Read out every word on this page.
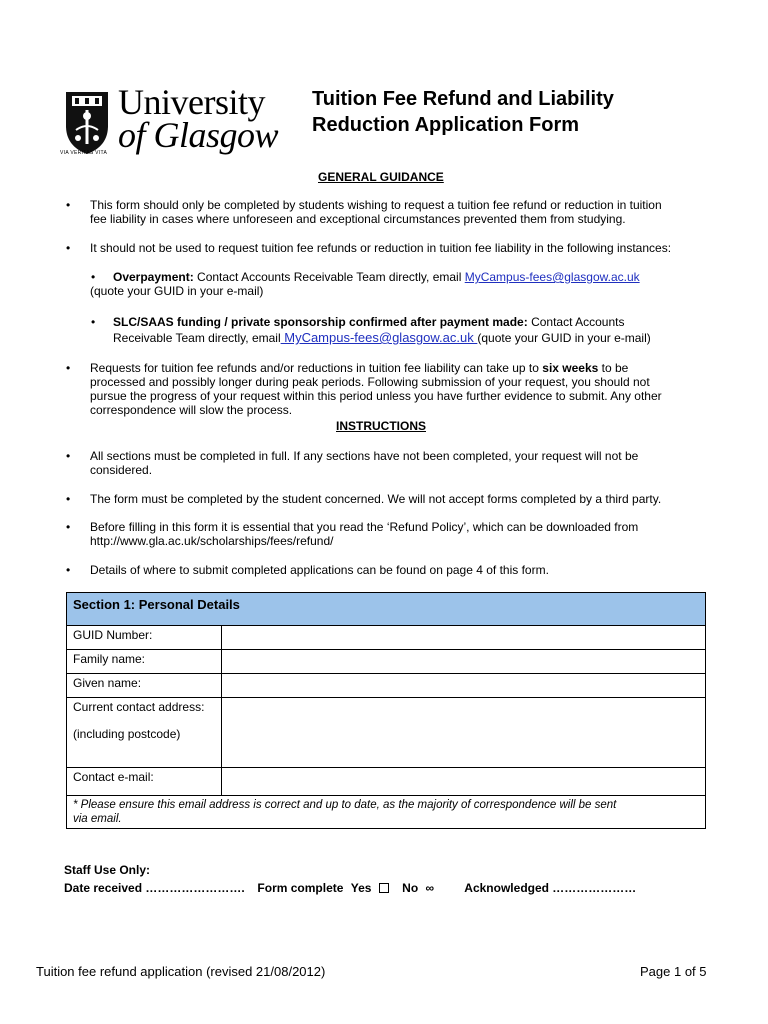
VIA VERITAS VITA
University
of Glasgow
Tuition Fee Refund and Liability
Reduction Application Form
GENERAL GUIDANCE
• This form should only be completed by students wishing to request a tuition fee refund or reduction in tuition
fee liability in cases where unforeseen and exceptional circumstances prevented them from studying.
• It should not be used to request tuition fee refunds or reduction in tuition fee liability in the following instances:
•	Overpayment: Contact Accounts Receivable Team directly, email MyCampus-fees@glasgow.ac.uk
(quote your GUID in your e-mail)
• SLC/SAAS funding / private sponsorship confirmed after payment made: Contact Accounts
Receivable Team directly, email MyCampus-fees@glasgow.ac.uk (quote your GUID in your e-mail)
• Requests for tuition fee refunds and/or reductions in tuition fee liability can take up to six weeks to be
processed and possibly longer during peak periods. Following submission of your request, you should not
pursue the progress of your request within this period unless you have further evidence to submit. Any other
correspondence will slow the process.
INSTRUCTIONS
• All sections must be completed in full. If any sections have not been completed, your request will not be
considered.
• The form must be completed by the student concerned. We will not accept forms completed by a third party.
• Before filling in this form it is essential that you read the ‘Refund Policy’, which can be downloaded from
http://www.gla.ac.uk/scholarships/fees/refund/
• Details of where to submit completed applications can be found on page 4 of this form.
Section 1: Personal Details	
GUID Number:	
Family name:	
Given name:	

Current contact address:
(including postcode)	

Contact e-mail:	

* Please ensure this email address is correct and up to date, as the majority of correspondence will be sent
via email.	
Staff Use Only:
Date received ……………………. Form complete Yes	No ∞	Acknowledged …………………
Tuition fee refund application (revised 21/08/2012)	Page 1 of 5
